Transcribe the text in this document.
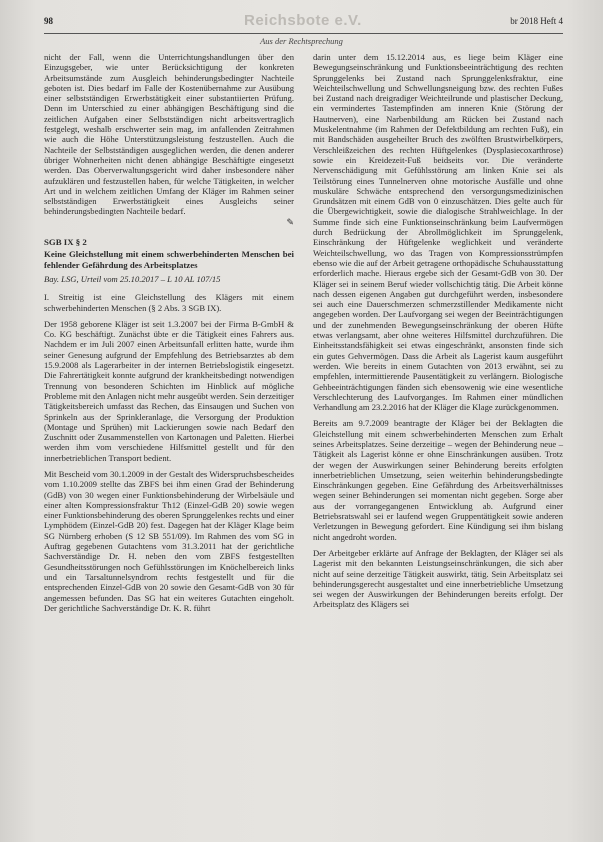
98	Reichsbote e.V.	br 2018 Heft 4
Aus der Rechtsprechung

nicht der Fall, wenn die Unterrichtungshandlungen über den Einzugsgeber, wie unter Berücksichtigung der konkreten Arbeitsumstände zum Ausgleich behinderungsbedingter Nachteile geboten ist. Dies bedarf im Falle der Kostenübernahme zur Ausübung einer selbstständigen Erwerbstätigkeit einer substantiierten Prüfung. Denn im Unterschied zu einer abhängigen Beschäftigung sind die zeitlichen Aufgaben einer Selbstständigen nicht arbeitsvertraglich festgelegt, weshalb erschwerter sein mag, im anfallenden Zeitrahmen wie auch die Höhe Unterstützungsleistung festzustellen. Auch die Nachteile der Selbstständigen ausgeglichen werden, die denen anderer übriger Wohnerheiten nicht denen abhängige Beschäftigte eingesetzt werden. Das Oberverwaltungsgericht wird daher insbesondere näher aufzuklären und festzustellen haben, für welche Tätigkeiten, in welcher Art und in welchem zeitlichen Umfang der Kläger im Rahmen seiner selbstständigen Erwerbstätigkeit eines Ausgleichs seiner behinderungsbedingten Nachteile bedarf.

✎

SGB IX § 2
Keine Gleichstellung mit einem schwerbehinderten Menschen bei fehlender Gefährdung des Arbeitsplatzes
Bay. LSG, Urteil vom 25.10.2017 – L 10 AL 107/15

I. Streitig ist eine Gleichstellung des Klägers mit einem schwerbehinderten Menschen (§ 2 Abs. 3 SGB IX).

Der 1958 geborene Kläger ist seit 1.3.2007 bei der Firma B-GmbH & Co. KG beschäftigt. Zunächst übte er die Tätigkeit eines Fahrers aus. Nachdem er im Juli 2007 einen Arbeitsunfall erlitten hatte, wurde ihm seiner Genesung aufgrund der Empfehlung des Betriebsarztes ab dem 15.9.2008 als Lagerarbeiter in der internen Betriebslogistik eingesetzt. Die Fahrertätigkeit konnte aufgrund der krankheitsbedingt notwendigen Trennung von besonderen Schichten im Hinblick auf mögliche Probleme mit den Anlagen nicht mehr ausgeübt werden. Sein derzeitiger Tätigkeitsbereich umfasst das Rechen, das Einsaugen und Suchen von Sprinkeln aus der Sprinkleranlage, die Versorgung der Produktion (Montage und Sprühen) mit Lackierungen sowie nach Bedarf den Zuschnitt oder Zusammenstellen von Kartonagen und Paletten. Hierbei werden ihm vom verschiedene Hilfsmittel gestellt und für den innerbetrieblichen Transport bedient.

Mit Bescheid vom 30.1.2009 in der Gestalt des Widerspruchsbescheides vom 1.10.2009 stellte das ZBFS bei ihm einen Grad der Behinderung (GdB) von 30 wegen einer Funktionsbehinderung der Wirbelsäule und einer alten Kompressionsfraktur Th12 (Einzel-GdB 20) sowie wegen einer Funktionsbehinderung des oberen Sprunggelenkes rechts und einer Lymphödem (Einzel-GdB 20) fest. Dagegen hat der Kläger Klage beim SG Nürnberg erhoben (S 12 SB 551/09). Im Rahmen des vom SG in Auftrag gegebenen Gutachtens vom 31.3.2011 hat der gerichtliche Sachverständige Dr. H. neben den vom ZBFS festgestellten Gesundheitsstörungen noch Gefühlsstörungen im Knöchelbereich links und ein Tarsaltunnelsyndrom rechts festgestellt und für die entsprechenden Einzel-GdB von 20 sowie den Gesamt-GdB von 30 für angemessen befunden. Das SG hat ein weiteres Gutachten eingeholt. Der gerichtliche Sachverständige Dr. K. R. führt

darin unter dem 15.12.2014 aus, es liege beim Kläger eine Bewegungseinschränkung und Funktionsbeeinträchtigung des rechten Sprunggelenks bei Zustand nach Sprunggelenksfraktur, eine Weichteilschwellung und Schwellungsneigung bzw. des rechten Fußes bei Zustand nach dreigradiger Weichteilrunde und plastischer Deckung, ein vermindertes Tastempfinden am inneren Knie (Störung der Hautnerven), eine Narbenbildung am Rücken bei Zustand nach Muskelentnahme (im Rahmen der Defektbildung am rechten Fuß), ein mit Bandschäden ausgeheilter Bruch des zwölften Brustwirbelkörpers, Verschleißzeichen des rechten Hüftgelenkes (Dysplasiecoxarthrose) sowie ein Kreidezeit-Fuß beidseits vor. Die veränderte Nervenschädigung mit Gefühlsstörung am linken Knie sei als Teilstörung eines Tunnelnerven ohne motorische Ausfälle und ohne muskuläre Schwäche entsprechend den versorgungsmedizinischen Grundsätzen mit einem GdB von 0 einzuschätzen. Dies gelte auch für die Übergewichtigkeit, sowie die dialogische Strahlweichlage. In der Summe finde sich eine Funktionseinschränkung beim Laufvermögen durch Bedrückung der Abrollmöglichkeit im Sprunggelenk, Einschränkung der Hüftgelenke weglichkeit und veränderte Weichteilschwellung, wo das Tragen von Kompressionsstrümpfen ebenso wie die auf der Arbeit getragene orthopädische Schuhausstattung erforderlich mache. Hieraus ergebe sich der Gesamt-GdB von 30. Der Kläger sei in seinem Beruf wieder vollschichtig tätig. Die Arbeit könne nach dessen eigenen Angaben gut durchgeführt werden, insbesondere sei auch eine Dauerschmerzen schmerzstillender Medikamente nicht angegeben worden. Der Laufvorgang sei wegen der Beeinträchtigungen und der zunehmenden Bewegungseinschränkung der oberen Hüfte etwas verlangsamt, aber ohne weiteres Hilfsmittel durchzuführen. Die Einheitsstandsfähigkeit sei etwas eingeschränkt, ansonsten finde sich ein gutes Gehvermögen. Dass die Arbeit als Lagerist kaum ausgeführt werden. Wie bereits in einem Gutachten von 2013 erwähnt, sei zu empfehlen, intermittierende Pausentätigkeit zu verlängern. Biologische Gehbeeinträchtigungen fänden sich ebensowenig wie eine wesentliche Verschlechterung des Laufvorganges. Im Rahmen einer mündlichen Verhandlung am 23.2.2016 hat der Kläger die Klage zurückgenommen.

Bereits am 9.7.2009 beantragte der Kläger bei der Beklagten die Gleichstellung mit einem schwerbehinderten Menschen zum Erhalt seines Arbeitsplatzes. Seine derzeitige – wegen der Behinderung neue – Tätigkeit als Lagerist könne er ohne Einschränkungen ausüben. Trotz der wegen der Auswirkungen seiner Behinderung bereits erfolgten innerbetrieblichen Umsetzung, seien weiterhin behinderungsbedingte Einschränkungen gegeben. Eine Gefährdung des Arbeitsverhältnisses wegen seiner Behinderungen sei momentan nicht gegeben. Sorge aber aus der vorrangegangenen Entwicklung ab. Aufgrund einer Betriebsratswahl sei er laufend wegen Gruppentätigkeit sowie anderen Verletzungen in Bewegung gefordert. Eine Kündigung sei ihm bislang nicht angedroht worden.

Der Arbeitgeber erklärte auf Anfrage der Beklagten, der Kläger sei als Lagerist mit den bekannten Leistungseinschränkungen, die sich aber nicht auf seine derzeitige Tätigkeit auswirkt, tätig. Sein Arbeitsplatz sei behinderungsgerecht ausgestaltet und eine innerbetriebliche Umsetzung sei wegen der Auswirkungen der Behinderungen bereits erfolgt. Der Arbeitsplatz des Klägers sei
